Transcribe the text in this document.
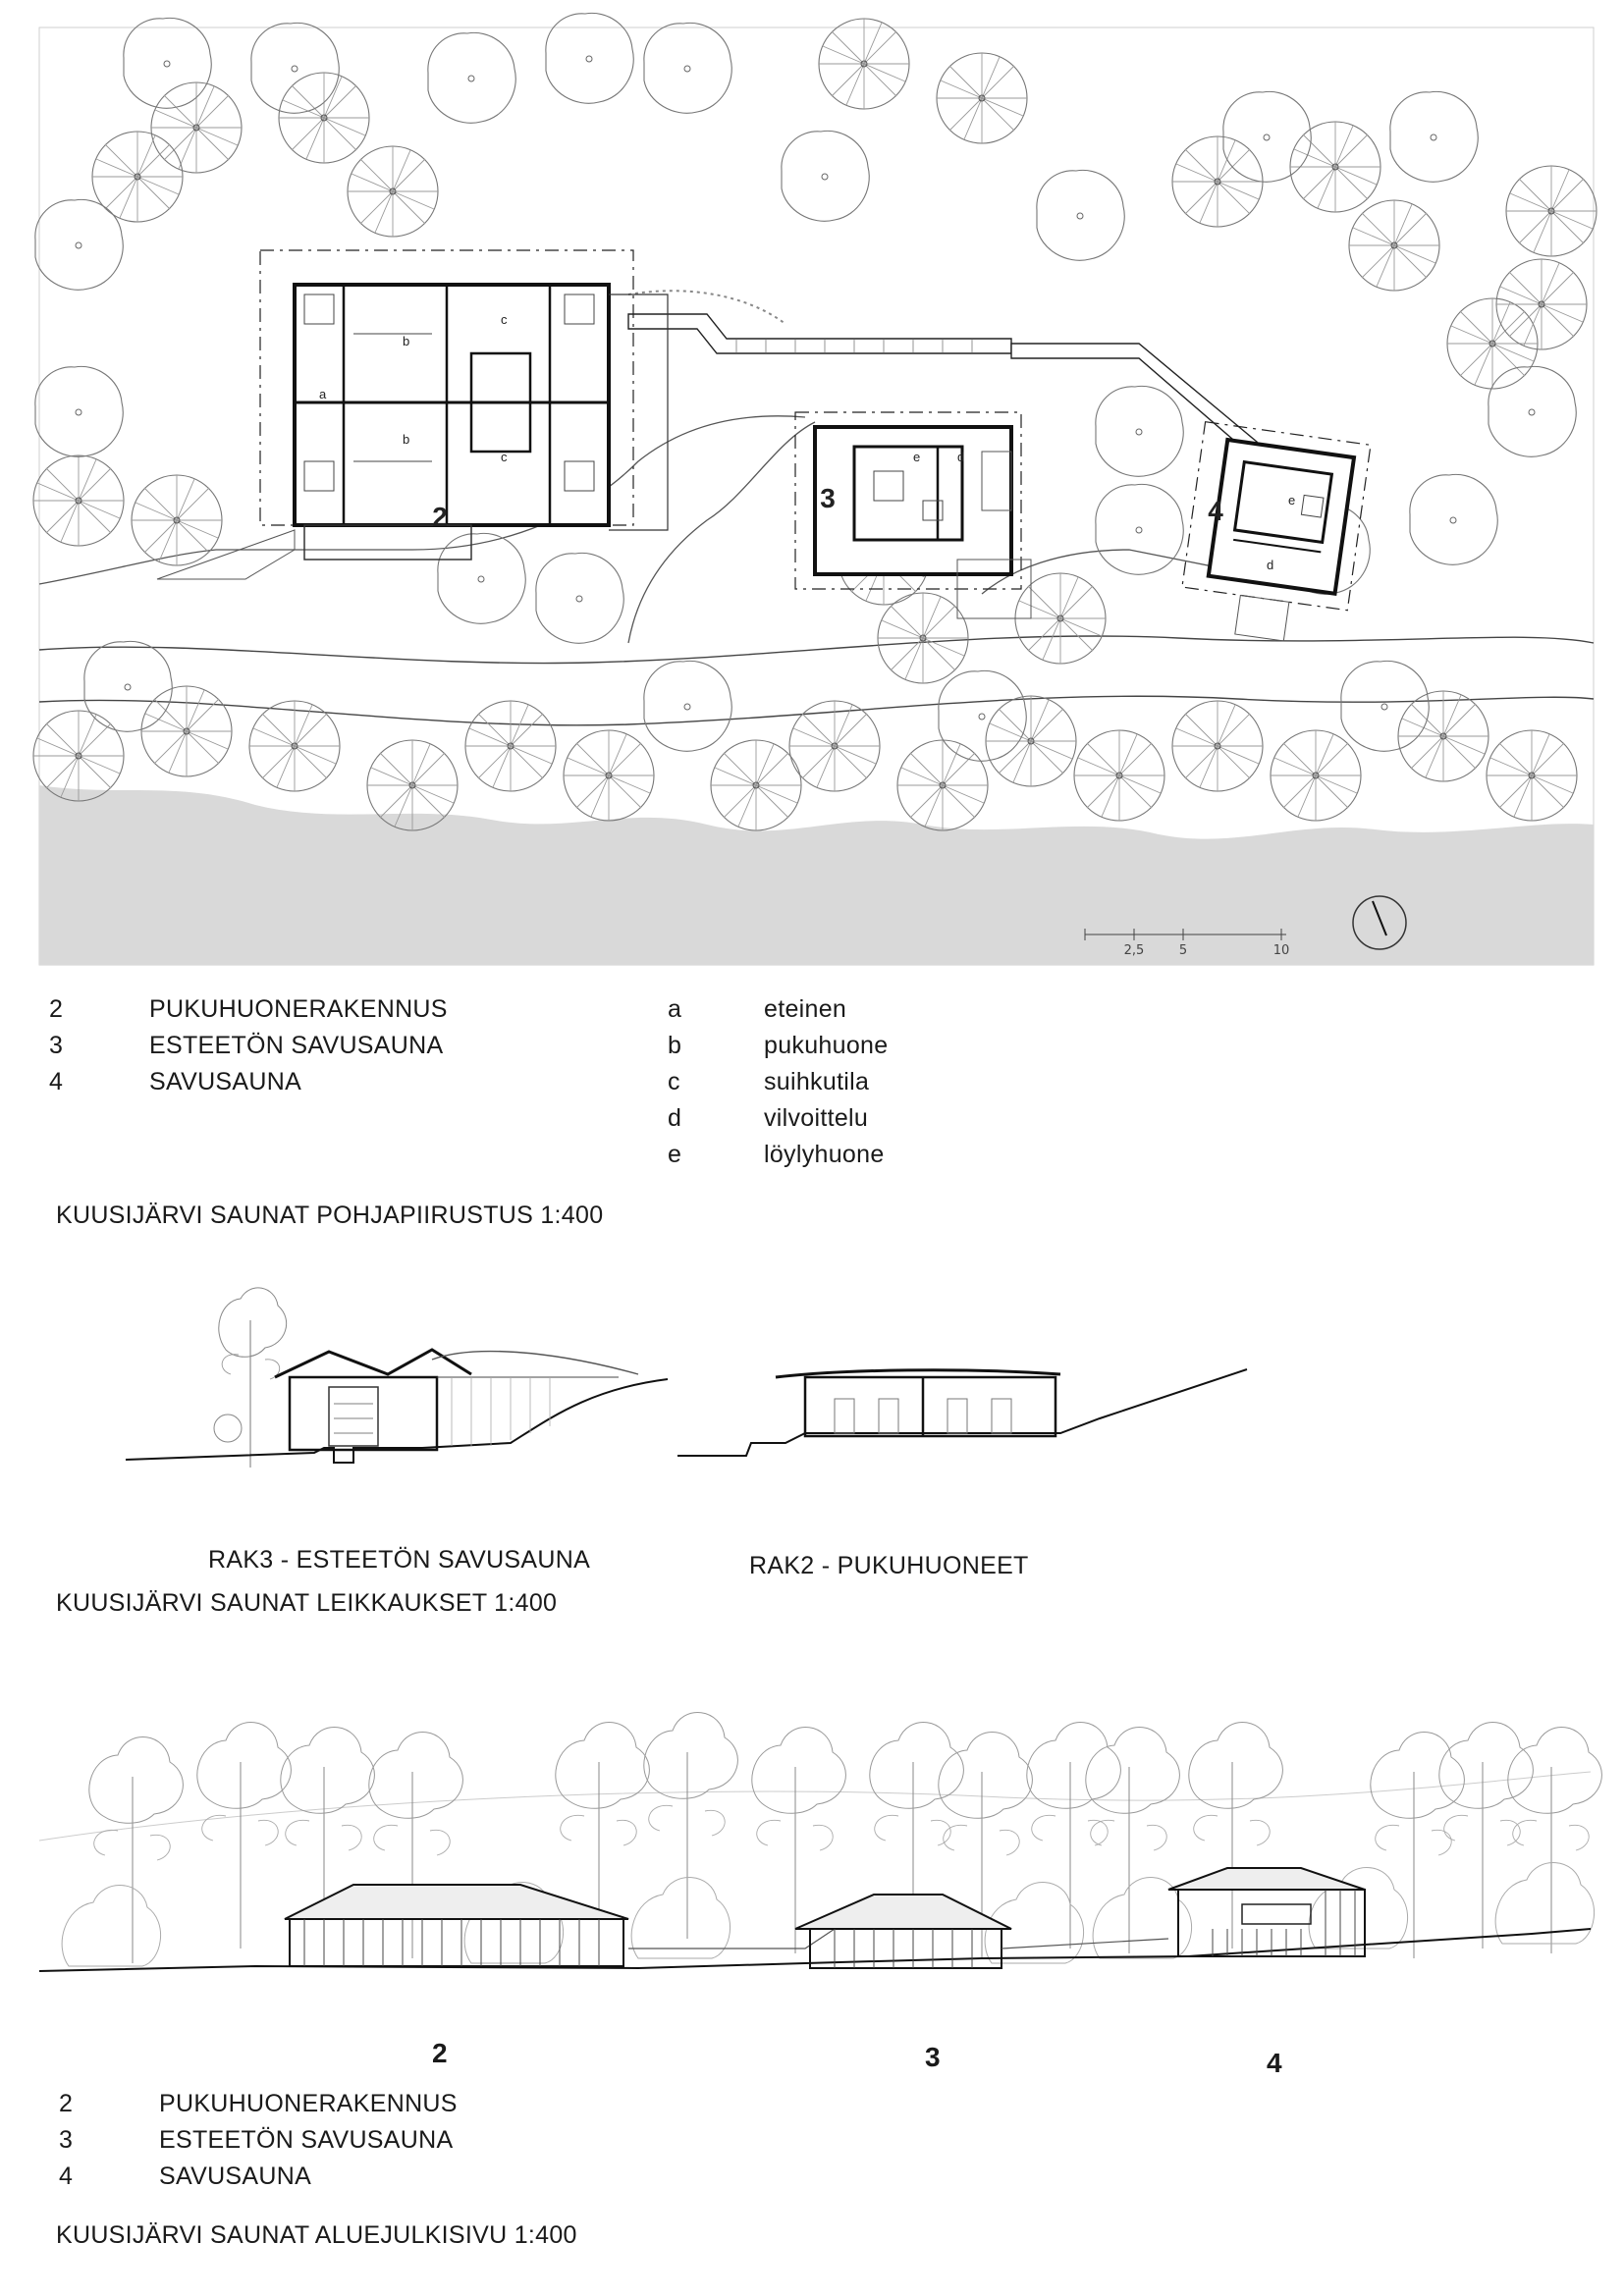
2
3	4
a
b
b
c
c	e	d
e
d
2,5	5	10
2	PUKUHUONERAKENNUS
3	ESTEETÖN SAVUSAUNA
4	SAVUSAUNA
a	eteinen
b	pukuhuone
c	suihkutila
d	vilvoittelu
e	löylyhuone
KUUSIJÄRVI SAUNAT POHJAPIIRUSTUS 1:400
RAK3 - ESTEETÖN SAVUSAUNA	RAK2 - PUKUHUONEET
KUUSIJÄRVI SAUNAT LEIKKAUKSET 1:400
2	3	4
2	PUKUHUONERAKENNUS
3	ESTEETÖN SAVUSAUNA
4	SAVUSAUNA
KUUSIJÄRVI SAUNAT ALUEJULKISIVU 1:400
